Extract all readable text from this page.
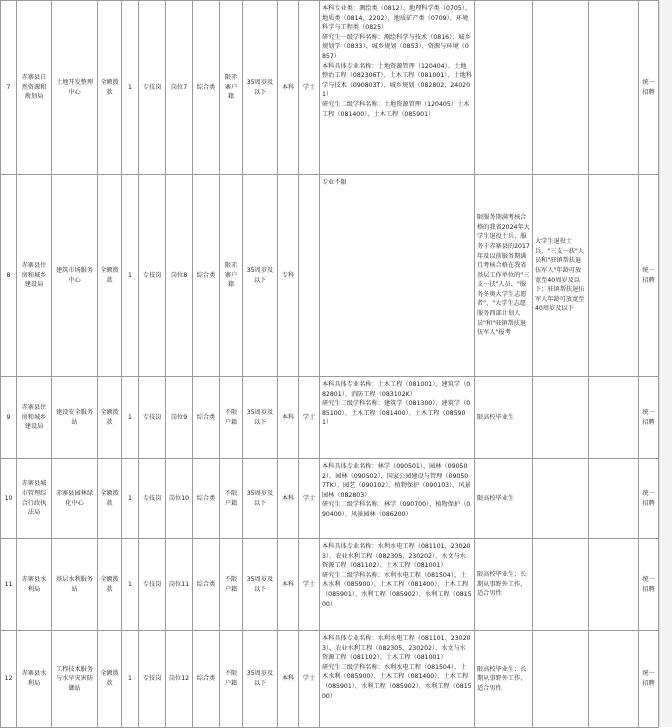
7	赤寨县自然资源和规划局	土地开发整理中心	全额拨款	1	专技岗	岗位7	综合类	限赤寨户籍	35周岁及以下	本科	学士	本科专业类：测绘类（0812）、地理科学类（0705）、地质类（0814、2202）、地质矿产类（0709）、环境科学与工程类（0825）
研究生一级学科名称：测绘科学与技术（0816）、城乡规划学（0833）、城乡规划（0853）、资源与环境（0857）
本科具体专业名称：土地资源管理（120404）、土地整治工程（082306T）、土木工程（081001）、土地科学与技术（090803T）、城乡规划（082802、240201）
研究生二级学科名称：土地资源管理（120405）土木工程（081400）、土木工程（085901）				统一招聘
8	赤寨县住房和城乡建设局	建筑市场服务中心	全额拨款	1	专技岗	岗位8	综合类	限赤寨户籍	35周岁及以下	专科		专业不限	限服务期满考核合格的我省2024年大学生退役士兵、服务于赤寨县的2017年及以前服务期满且考核合格在我省基层工作单位的"三支一扶"人员、"服务冬奥大学生志愿者"、"大学生志愿服务西部计划人员"和"驻镇帮扶退伍军人"报考	大学生退役士兵、"三支一扶"人员和"驻镇帮扶退伍军人"年龄可放宽至40周岁及以下；驻镇帮扶退伍军人年龄可放宽至40周岁及以下		统一招聘
9	赤寨县住房和城乡建设局	建设安全服务站	全额拨款	1	专技岗	岗位9	综合类	不限户籍	35周岁及以下	本科	学士	本科具体专业名称：土木工程（081001）、建筑学（082801）、消防工程（083102K）
研究生二级学科名称：建筑学（081300）、建筑学（085100）、土木工程（081400）、土木工程（085901）	限高校毕业生			统一招聘
10	赤寨县城市管理综合行政执法局	赤寨县园林绿化中心	全额拨款	1	专技岗	岗位10	综合类	不限户籍	35周岁及以下	本科	学士	本科具体专业名称：林学（090501）、园林（090502）、园林（090502）、国家公园建设与管理（090507TK）、园艺（090102）、植物保护（090103）、风景园林（082803）
研究生二级学科名称：林学（090700）、植物保护（090400）、风景园林（086200）	限高校毕业生			统一招聘
11	赤寨县水利局	基层水利服务站	全额拨款	1	专技岗	岗位11	综合类	不限户籍	35周岁及以下	本科	学士	本科具体专业名称：水利水电工程（081101、230203）、农业水利工程（082305、230202）、水文与水资源工程（081102）、土木工程（081001）
研究生二级学科名称：水利水电工程（081504）、土木水利（085900）、土木工程（081400）、土木工程（085901）、水利工程（085902）、水利工程（081500）	限高校毕业生；长期从事野外工作，适合男性			统一招聘
12	赤寨县水利局	工程技术服务与水旱灾害防御站	全额拨款	1	专技岗	岗位12	综合类	不限户籍	35周岁及以下	本科	学士	本科具体专业名称：水利水电工程（081101、230203）、农业水利工程（082305、230202）、水文与水资源工程（081102）、土木工程（081001）
研究生二级学科名称：水利水电工程（081504）、土木水利（085900）、土木工程（081400）、土木工程（085901）、水利工程（085902）、水利工程（081500）	限高校毕业生；长期从事野外工作，适合男性			统一招聘
